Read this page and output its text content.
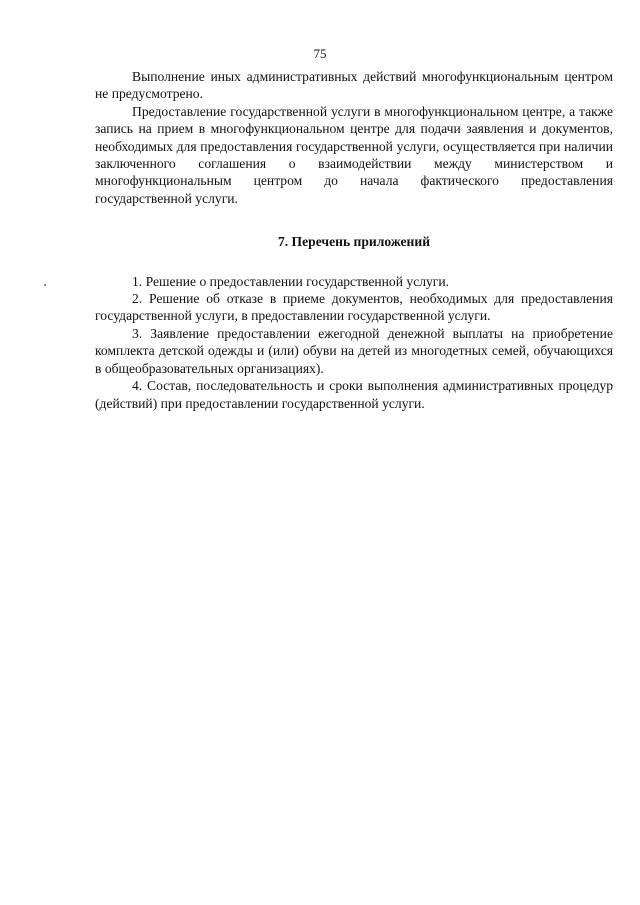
75

Выполнение иных административных действий многофункциональным центром не предусмотрено.

Предоставление государственной услуги в многофункциональном центре, а также запись на прием в многофункциональном центре для подачи заявления и документов, необходимых для предоставления государственной услуги, осуществляется при наличии заключенного соглашения о взаимодействии между министерством и многофункциональным центром до начала фактического предоставления государственной услуги.

7. Перечень приложений

1. Решение о предоставлении государственной услуги.

2. Решение об отказе в приеме документов, необходимых для предоставления государственной услуги, в предоставлении государственной услуги.

3. Заявление предоставлении ежегодной денежной выплаты на приобретение комплекта детской одежды и (или) обуви на детей из многодетных семей, обучающихся в общеобразовательных организациях).

4. Состав, последовательность и сроки выполнения административных процедур (действий) при предоставлении государственной услуги.
